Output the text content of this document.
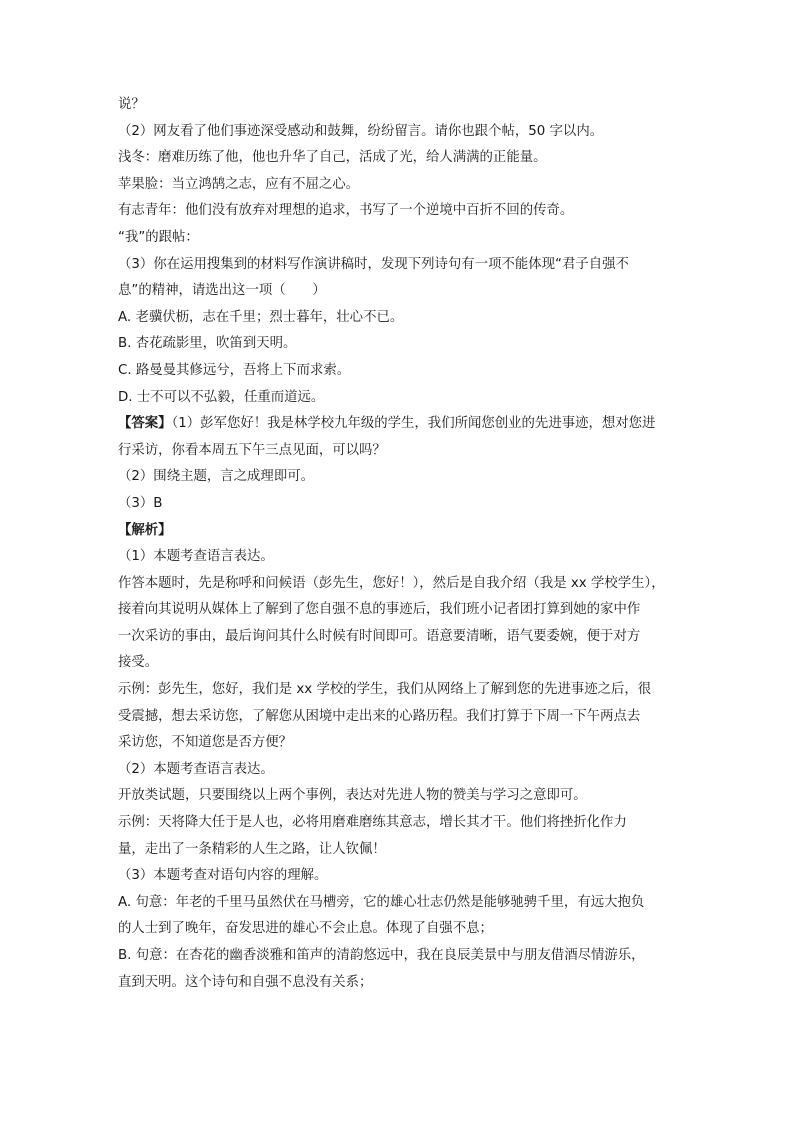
说？
（2）网友看了他们事迹深受感动和鼓舞，纷纷留言。请你也跟个帖，50 字以内。
浅冬：磨难历练了他，他也升华了自己，活成了光，给人满满的正能量。
苹果脸：当立鸿鹄之志，应有不屈之心。
有志青年：他们没有放弃对理想的追求，书写了一个逆境中百折不回的传奇。
“我”的跟帖：
（3）你在运用搜集到的材料写作演讲稿时，发现下列诗句有一项不能体现“君子自强不
息”的精神，请选出这一项（　　）
A. 老骥伏枥，志在千里；烈士暮年，壮心不已。
B. 杏花疏影里，吹笛到天明。
C. 路曼曼其修远兮，吾将上下而求索。
D. 士不可以不弘毅，任重而道远。
【答案】（1）彭军您好！我是林学校九年级的学生，我们所闻您创业的先进事迹，想对您进
行采访，你看本周五下午三点见面，可以吗？
（2）围绕主题，言之成理即可。
（3）B
【解析】
（1）本题考查语言表达。
作答本题时，先是称呼和问候语（彭先生，您好！），然后是自我介绍（我是 xx 学校学生），
接着向其说明从媒体上了解到了您自强不息的事迹后，我们班小记者团打算到她的家中作
一次采访的事由，最后询问其什么时候有时间即可。语意要清晰，语气要委婉，便于对方
接受。
示例：彭先生，您好，我们是 xx 学校的学生，我们从网络上了解到您的先进事迹之后，很
受震撼，想去采访您，了解您从困境中走出来的心路历程。我们打算于下周一下午两点去
采访您，不知道您是否方便？
（2）本题考查语言表达。
开放类试题，只要围绕以上两个事例，表达对先进人物的赞美与学习之意即可。
示例：天将降大任于是人也，必将用磨难磨练其意志，增长其才干。他们将挫折化作力
量，走出了一条精彩的人生之路，让人钦佩！
（3）本题考查对语句内容的理解。
A. 句意：年老的千里马虽然伏在马槽旁，它的雄心壮志仍然是能够驰骋千里，有远大抱负
的人士到了晚年，奋发思进的雄心不会止息。体现了自强不息；
B. 句意：在杏花的幽香淡雅和笛声的清韵悠远中，我在良辰美景中与朋友借酒尽情游乐，
直到天明。这个诗句和自强不息没有关系；
